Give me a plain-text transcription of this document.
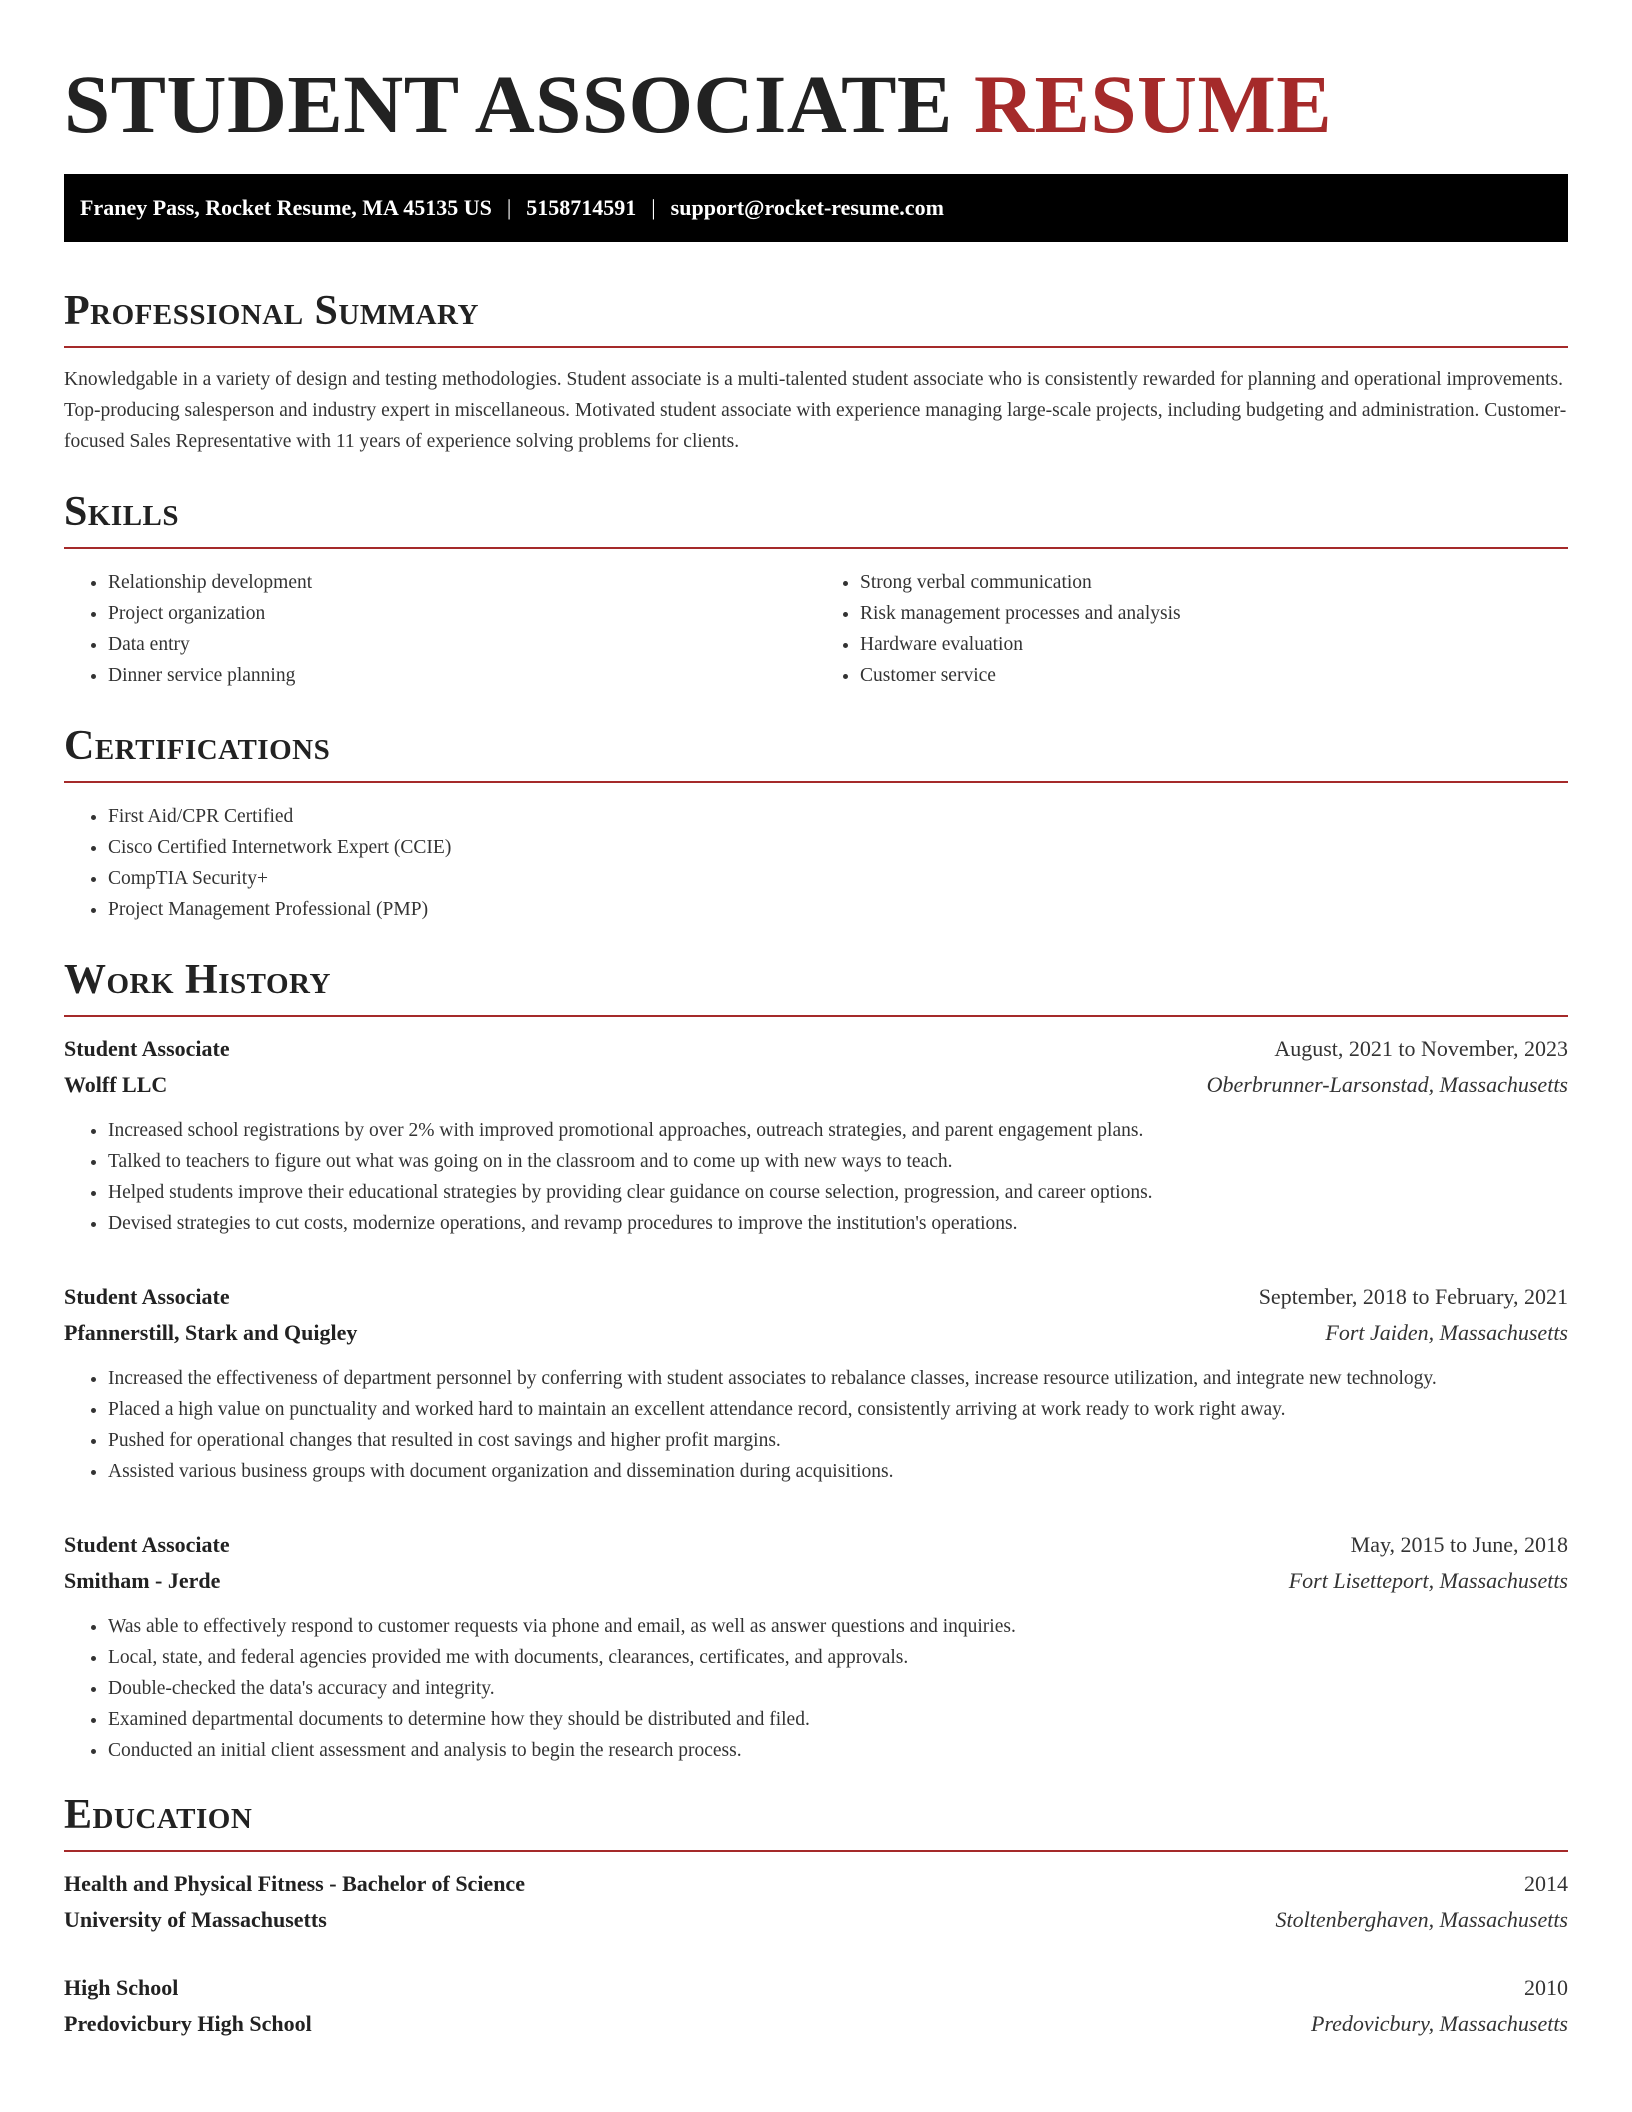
STUDENT ASSOCIATE RESUME
Franey Pass, Rocket Resume, MA 45135 US | 5158714591 | support@rocket-resume.com
Professional Summary

Knowledgable in a variety of design and testing methodologies. Student associate is a multi-talented student associate who is consistently rewarded for planning and operational improvements. Top-producing salesperson and industry expert in miscellaneous. Motivated student associate with experience managing large-scale projects, including budgeting and administration. Customer-focused Sales Representative with 11 years of experience solving problems for clients.

Skills
• Relationship development
• Project organization
• Data entry
• Dinner service planning
• Strong verbal communication
• Risk management processes and analysis
• Hardware evaluation
• Customer service
Certifications
• First Aid/CPR Certified
• Cisco Certified Internetwork Expert (CCIE)
• CompTIA Security+
• Project Management Professional (PMP)
Work History
Student Associate	August, 2021 to November, 2023
Wolff LLC	Oberbrunner-Larsonstad, Massachusetts
• Increased school registrations by over 2% with improved promotional approaches, outreach strategies, and parent engagement plans.
• Talked to teachers to figure out what was going on in the classroom and to come up with new ways to teach.
• Helped students improve their educational strategies by providing clear guidance on course selection, progression, and career options.
• Devised strategies to cut costs, modernize operations, and revamp procedures to improve the institution's operations.
Student Associate	September, 2018 to February, 2021
Pfannerstill, Stark and Quigley	Fort Jaiden, Massachusetts
• Increased the effectiveness of department personnel by conferring with student associates to rebalance classes, increase resource utilization, and integrate new technology.
• Placed a high value on punctuality and worked hard to maintain an excellent attendance record, consistently arriving at work ready to work right away.
• Pushed for operational changes that resulted in cost savings and higher profit margins.
• Assisted various business groups with document organization and dissemination during acquisitions.
Student Associate	May, 2015 to June, 2018
Smitham - Jerde	Fort Lisetteport, Massachusetts
• Was able to effectively respond to customer requests via phone and email, as well as answer questions and inquiries.
• Local, state, and federal agencies provided me with documents, clearances, certificates, and approvals.
• Double-checked the data's accuracy and integrity.
• Examined departmental documents to determine how they should be distributed and filed.
• Conducted an initial client assessment and analysis to begin the research process.
Education
Health and Physical Fitness - Bachelor of Science	2014
University of Massachusetts	Stoltenberghaven, Massachusetts
High School	2010
Predovicbury High School	Predovicbury, Massachusetts
